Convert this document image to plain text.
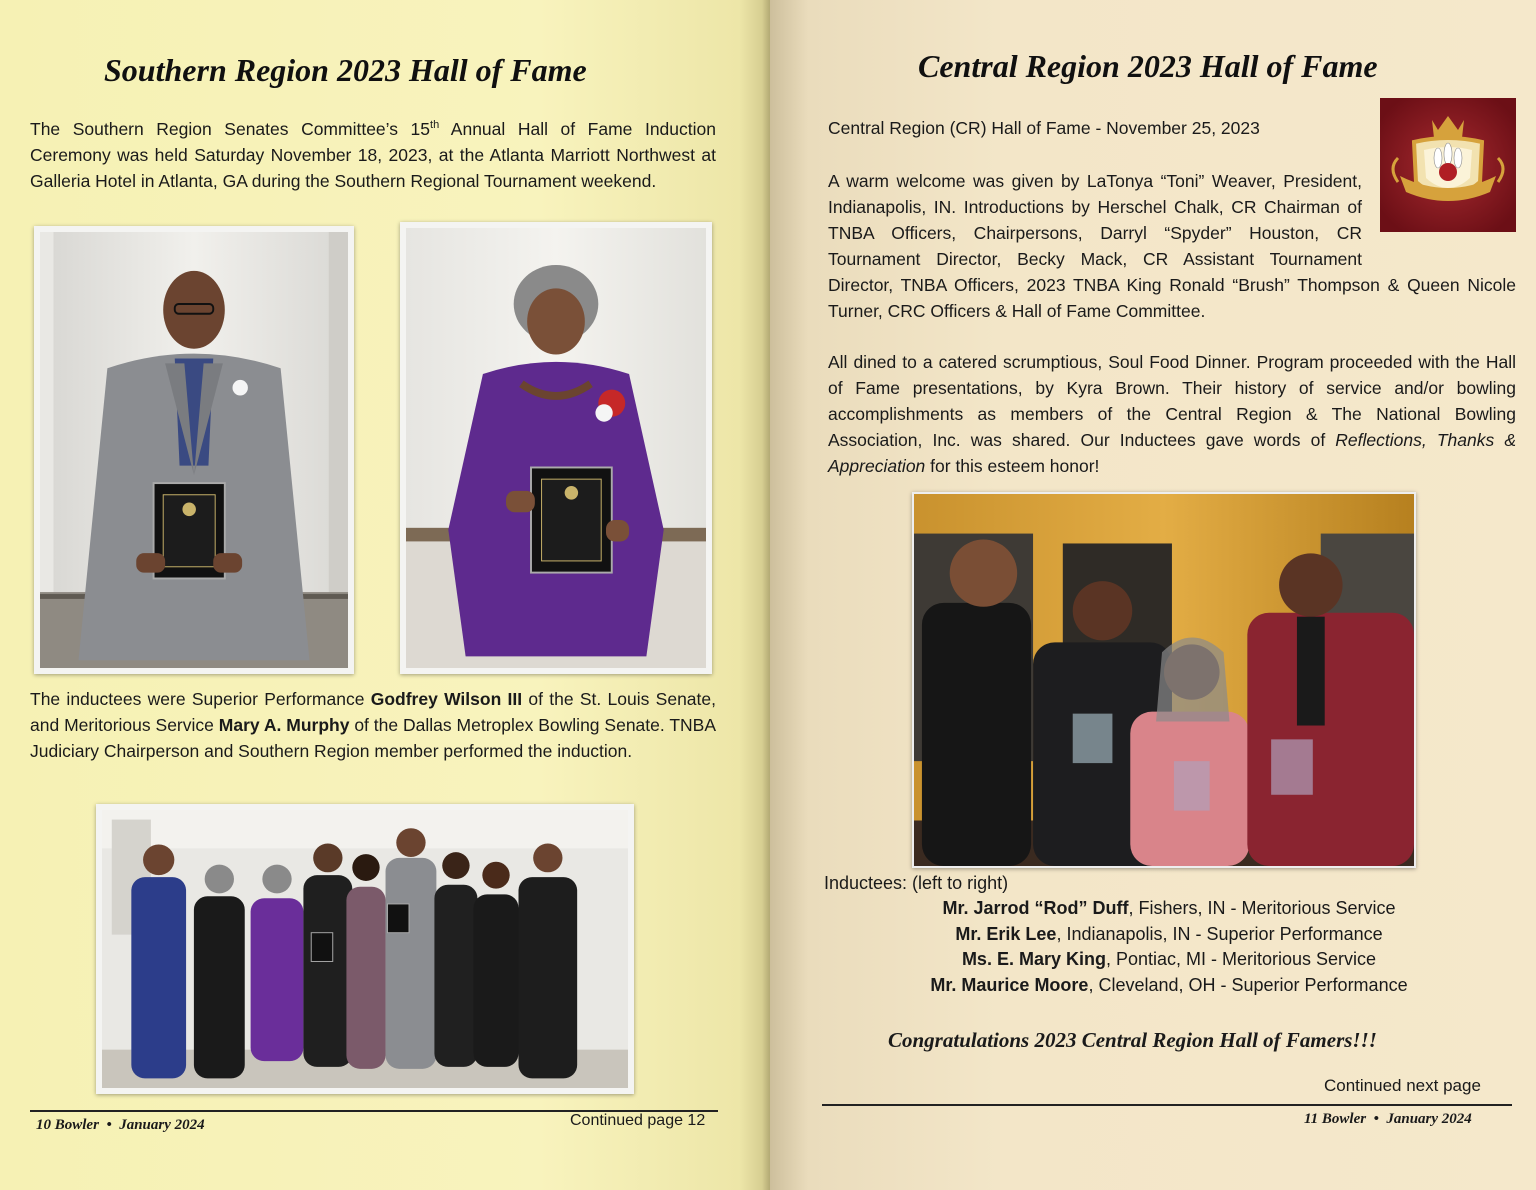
Southern Region 2023 Hall of Fame

The Southern Region Senates Committee’s 15th Annual Hall of Fame Induction Ceremony was held Saturday November 18, 2023, at the Atlanta Marriott Northwest at Galleria Hotel in Atlanta, GA during the Southern Regional Tournament weekend.

The inductees were Superior Performance Godfrey Wilson III of the St. Louis Senate, and Meritorious Service Mary A. Murphy of the Dallas Metroplex Bowling Senate. TNBA Judiciary Chairperson and Southern Region member performed the induction.

10 Bowler • January 2024	Continued page 12
Central Region 2023 Hall of Fame
Central Region (CR) Hall of Fame - November 25, 2023

A warm welcome was given by LaTonya “Toni” Weaver, President, Indianapolis, IN. Introductions by Herschel Chalk, CR Chairman of TNBA Officers, Chairpersons, Darryl “Spyder” Houston, CR Tournament Director, Becky Mack, CR Assistant Tournament Director, TNBA Officers, 2023 TNBA King Ronald “Brush” Thompson & Queen Nicole Turner, CRC Officers & Hall of Fame Committee.

All dined to a catered scrumptious, Soul Food Dinner. Program proceeded with the Hall of Fame presentations, by Kyra Brown. Their history of service and/or bowling accomplishments as members of the Central Region & The National Bowling Association, Inc. was shared. Our Inductees gave words of Reflections, Thanks & Appreciation for this esteem honor!

Inductees: (left to right)
Mr. Jarrod “Rod” Duff, Fishers, IN - Meritorious Service
Mr. Erik Lee, Indianapolis, IN - Superior Performance
Ms. E. Mary King, Pontiac, MI - Meritorious Service
Mr. Maurice Moore, Cleveland, OH - Superior Performance
Congratulations 2023 Central Region Hall of Famers!!!
Continued next page
11 Bowler • January 2024
